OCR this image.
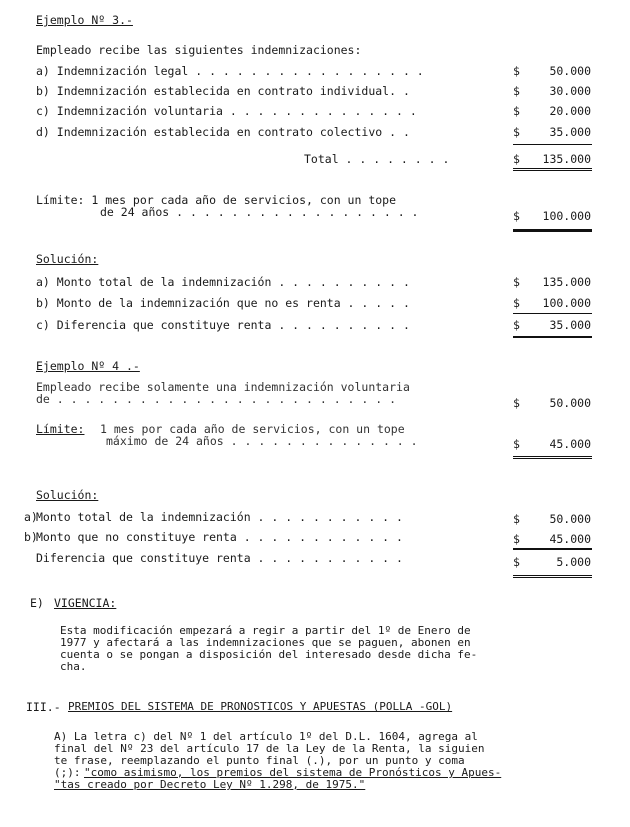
Ejemplo Nº 3.-
Empleado recibe las siguientes indemnizaciones:
a) Indemnización legal . . . . . . . . . . . . . . . . .	$	50.000
b) Indemnización establecida en contrato individual. .	$	30.000
c) Indemnización voluntaria . . . . . . . . . . . . . .	$	20.000
d) Indemnización establecida en contrato colectivo . .	$	35.000
Total . . . . . . . .	$ 135.000
Límite: 1 mes por cada año de servicios, con un tope
de 24 años . . . . . . . . . . . . . . . . . .	$ 100.000
Solución:
a) Monto total de la indemnización . . . . . . . . . .	$ 135.000
b) Monto de la indemnización que no es renta . . . . .	$ 100.000
c) Diferencia que constituye renta . . . . . . . . . .	$	35.000
Ejemplo Nº 4 .-
Empleado recibe solamente una indemnización voluntaria
de . . . . . . . . . . . . . . . . . . . . . . . . .	$	50.000
Límite: 1 mes por cada año de servicios, con un tope
máximo de 24 años . . . . . . . . . . . . . .	$	45.000
Solución:
a)
Monto total de la indemnización . . . . . . . . . . .	$	50.000
b)
Monto que no constituye renta . . . . . . . . . . . .	$	45.000
Diferencia que constituye renta . . . . . . . . . . .	$	5.000
E) VIGENCIA:
Esta modificación empezará a regir a partir del 1º de Enero de
1977 y afectará a las indemnizaciones que se paguen, abonen en
cuenta o se pongan a disposición del interesado desde dicha fe-
cha.
III.- PREMIOS DEL SISTEMA DE PRONOSTICOS Y APUESTAS (POLLA -GOL)
A) La letra c) del Nº 1 del artículo 1º del D.L. 1604, agrega al
final del Nº 23 del artículo 17 de la Ley de la Renta, la siguien
te frase, reemplazando el punto final (.), por un punto y coma
(;):
"como asimismo, los premios del sistema de Pronósticos y Apues-
"tas creado por Decreto Ley Nº 1.298, de 1975."
